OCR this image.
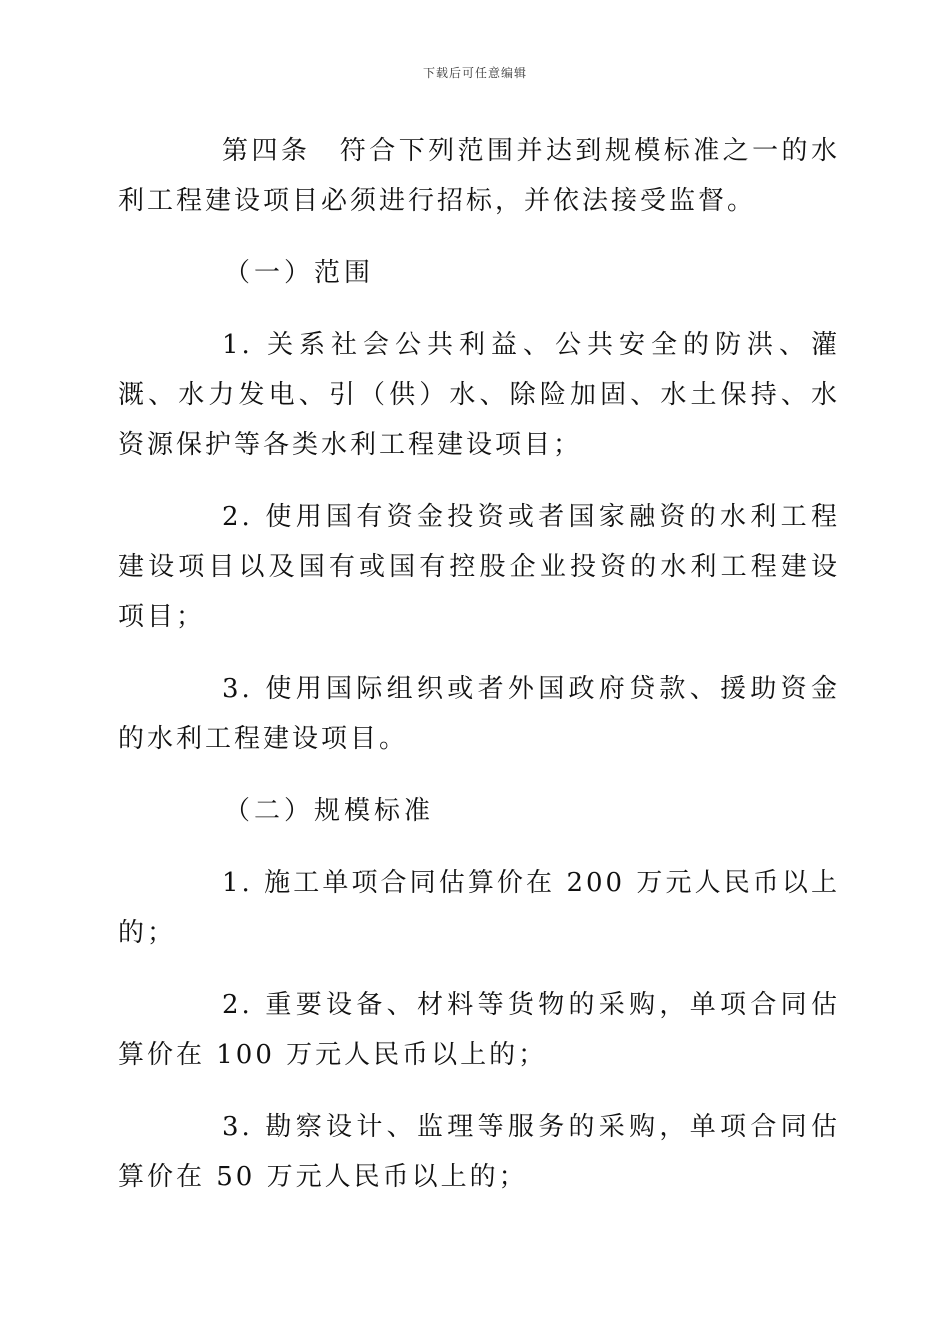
下载后可任意编辑

第四条　符合下列范围并达到规模标准之一的水利工程建设项目必须进行招标，并依法接受监督。

（一）范围

1. 关系社会公共利益、公共安全的防洪、灌溉、水力发电、引（供）水、除险加固、水土保持、水资源保护等各类水利工程建设项目；

2. 使用国有资金投资或者国家融资的水利工程建设项目以及国有或国有控股企业投资的水利工程建设项目；

3. 使用国际组织或者外国政府贷款、援助资金的水利工程建设项目。

（二）规模标准

1. 施工单项合同估算价在 200 万元人民币以上的；

2. 重要设备、材料等货物的采购，单项合同估算价在 100 万元人民币以上的；

3. 勘察设计、监理等服务的采购，单项合同估算价在 50 万元人民币以上的；
